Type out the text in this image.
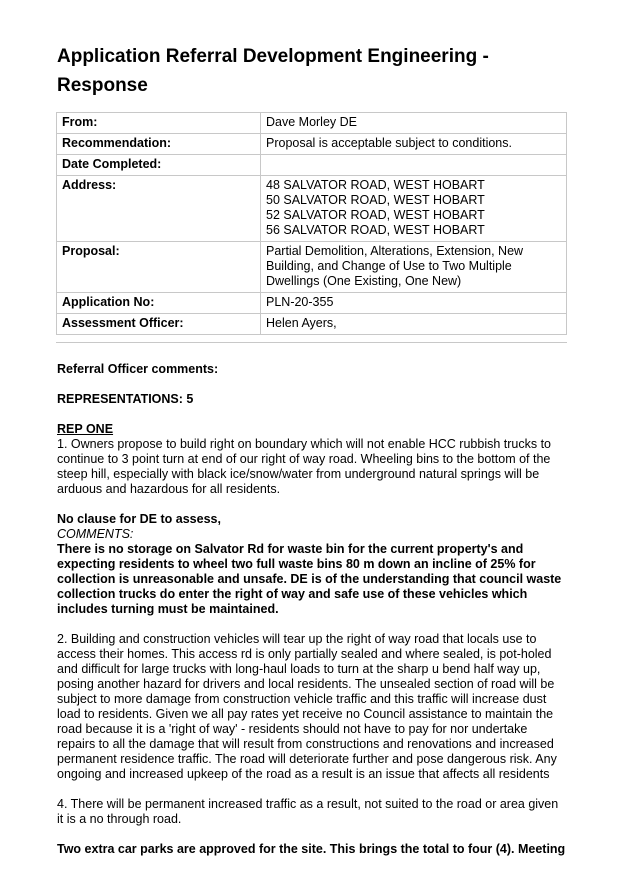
Application Referral Development Engineering - Response
From:	Dave Morley DE
Recommendation:	Proposal is acceptable subject to conditions.
Date Completed:	
Address:	48 SALVATOR ROAD, WEST HOBART
50 SALVATOR ROAD, WEST HOBART
52 SALVATOR ROAD, WEST HOBART
56 SALVATOR ROAD, WEST HOBART
Proposal:	Partial Demolition, Alterations, Extension, New Building, and Change of Use to Two Multiple Dwellings (One Existing, One New)
Application No:	PLN-20-355
Assessment Officer:	Helen Ayers,

Referral Officer comments:

REPRESENTATIONS: 5

REP ONE

1. Owners propose to build right on boundary which will not enable HCC rubbish trucks to continue to 3 point turn at end of our right of way road. Wheeling bins to the bottom of the steep hill, especially with black ice/snow/water from underground natural springs will be arduous and hazardous for all residents.

No clause for DE to assess,

COMMENTS:

There is no storage on Salvator Rd for waste bin for the current property's and expecting residents to wheel two full waste bins 80 m down an incline of 25% for collection is unreasonable and unsafe. DE is of the understanding that council waste collection trucks do enter the right of way and safe use of these vehicles which includes turning must be maintained.

2. Building and construction vehicles will tear up the right of way road that locals use to access their homes. This access rd is only partially sealed and where sealed, is pot-holed and difficult for large trucks with long-haul loads to turn at the sharp u bend half way up, posing another hazard for drivers and local residents. The unsealed section of road will be subject to more damage from construction vehicle traffic and this traffic will increase dust load to residents. Given we all pay rates yet receive no Council assistance to maintain the road because it is a 'right of way' - residents should not have to pay for nor undertake repairs to all the damage that will result from constructions and renovations and increased permanent residence traffic. The road will deteriorate further and pose dangerous risk. Any ongoing and increased upkeep of the road as a result is an issue that affects all residents

4. There will be permanent increased traffic as a result, not suited to the road or area given it is a no through road.

Two extra car parks are approved for the site. This brings the total to four (4). Meeting
